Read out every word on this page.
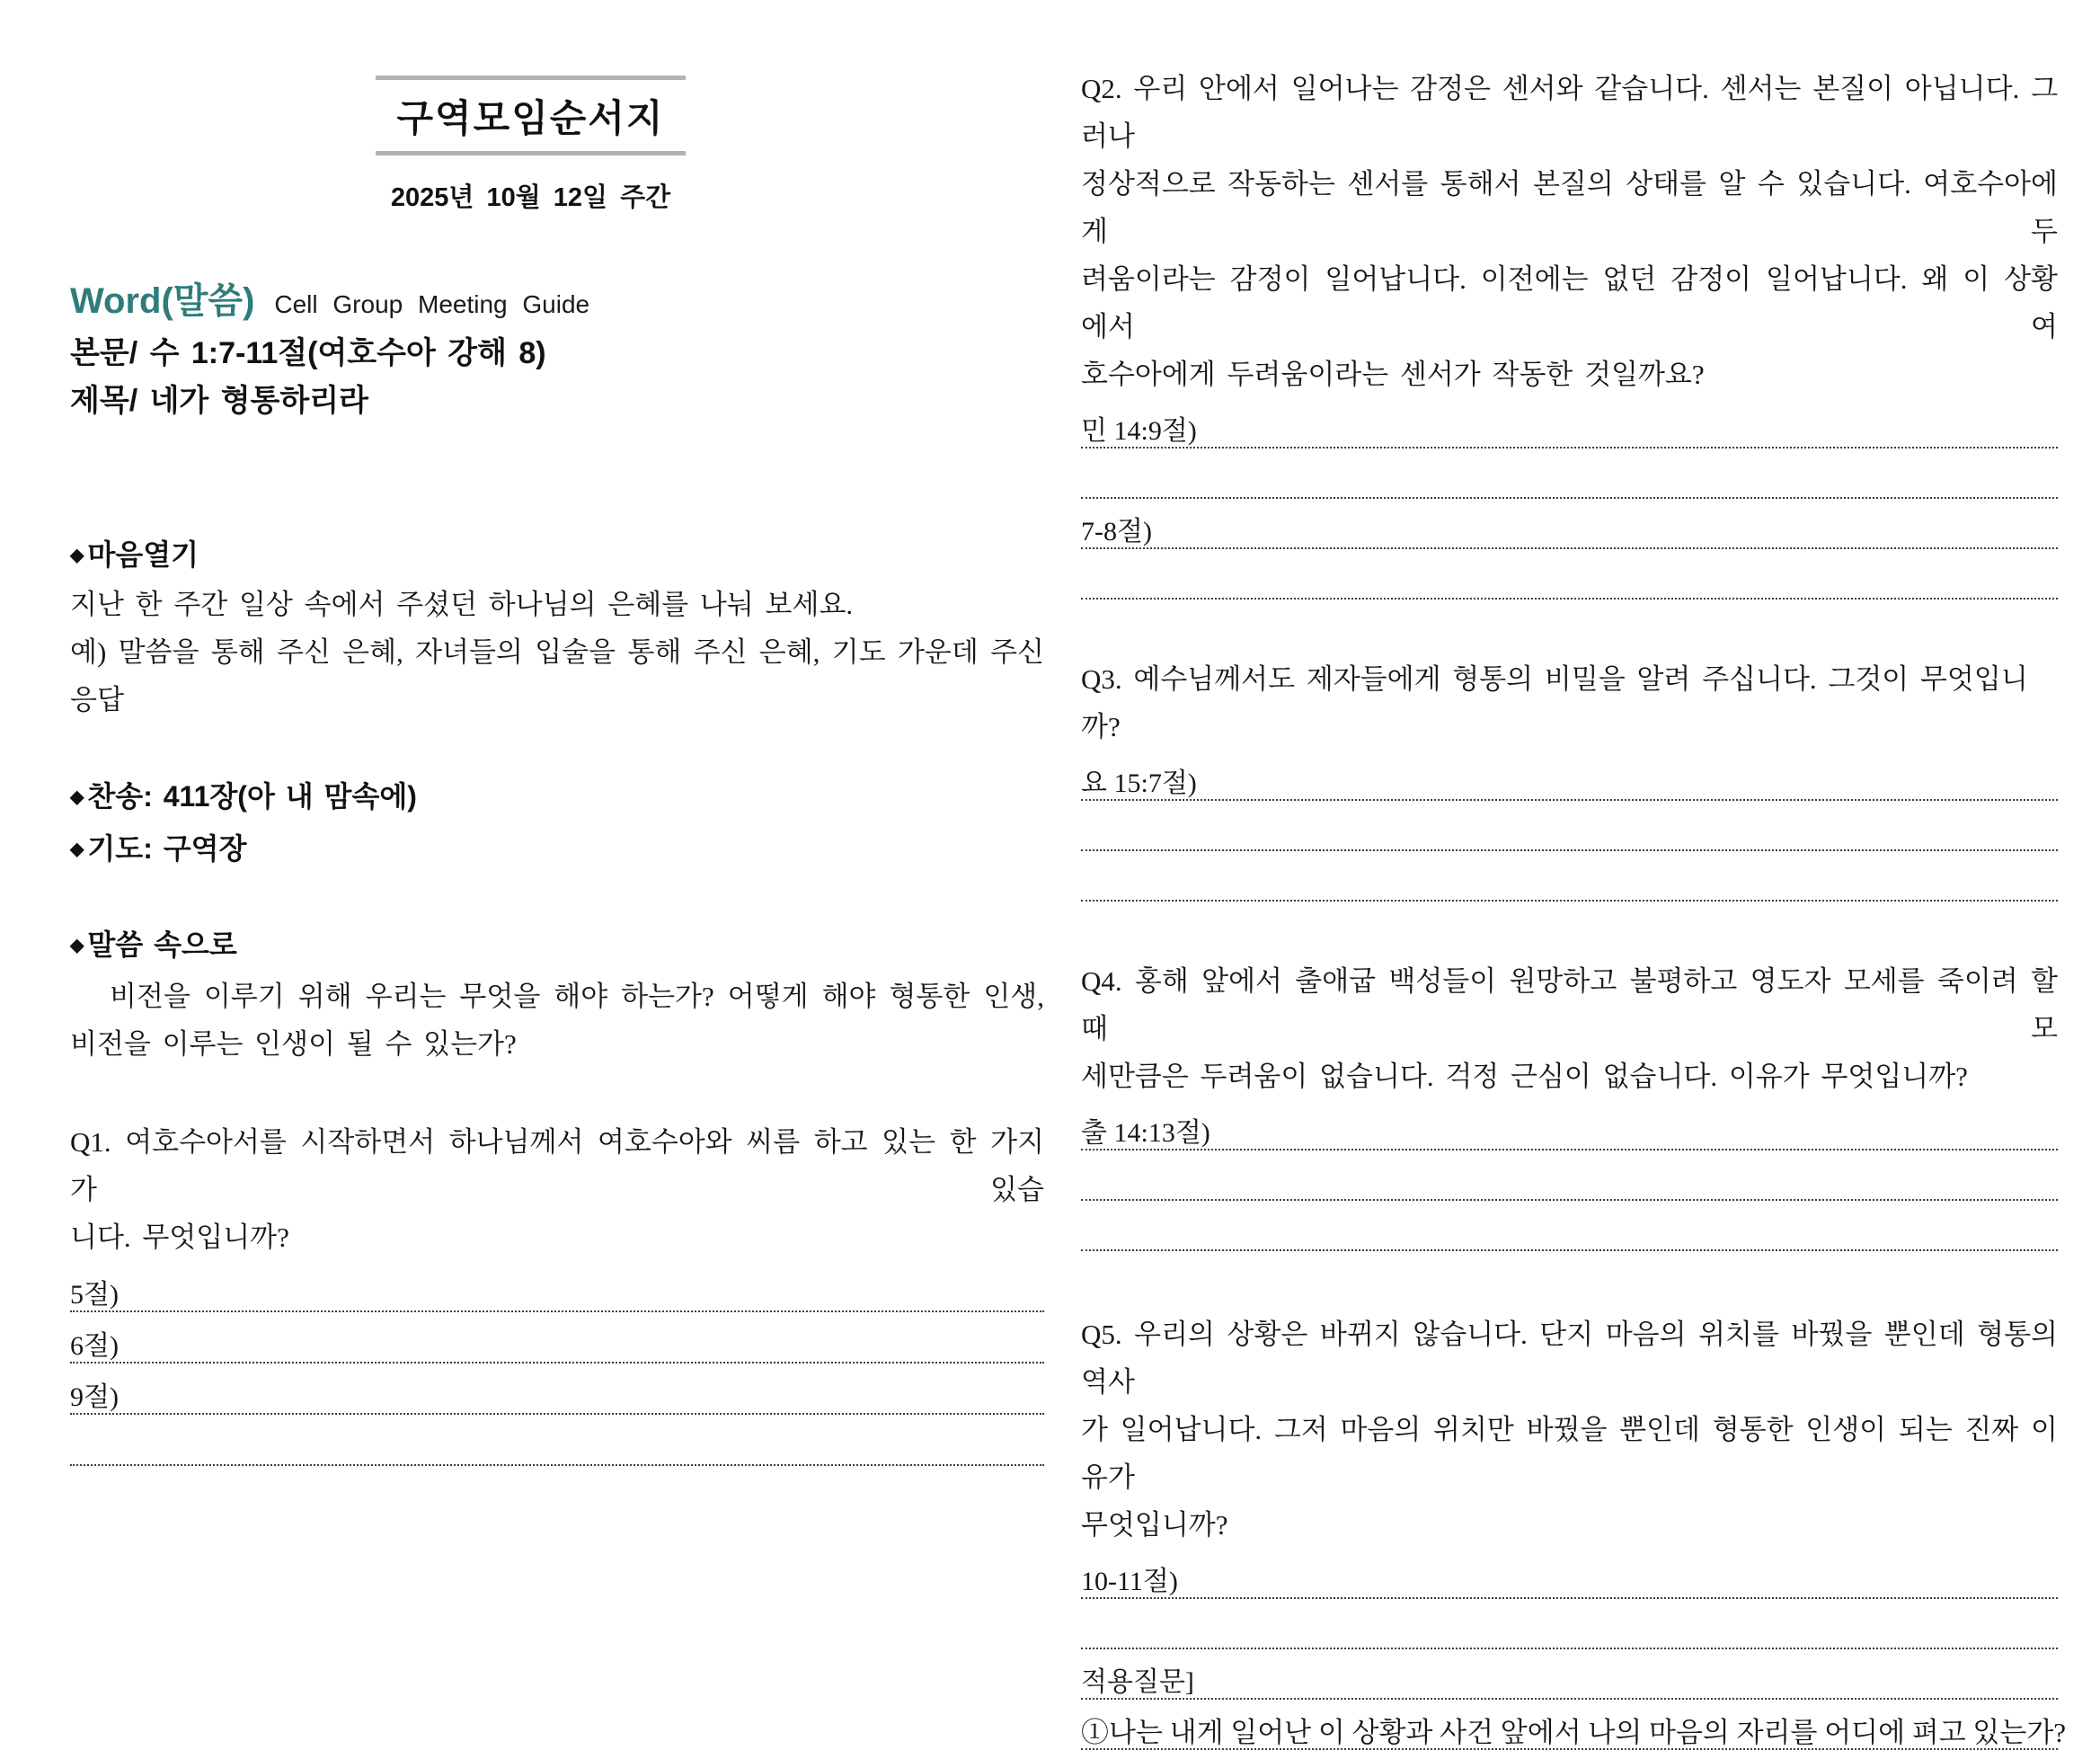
구역모임순서지
2025년 10월 12일 주간
Word(말씀) Cell Group Meeting Guide
본문/ 수 1:7-11절(여호수아 강해 8)
제목/ 네가 형통하리라
◆ 마음열기
지난 한 주간 일상 속에서 주셨던 하나님의 은혜를 나눠 보세요.
예) 말씀을 통해 주신 은혜, 자녀들의 입술을 통해 주신 은혜, 기도 가운데 주신
응답
◆ 찬송: 411장(아 내 맘속에)
◆ 기도: 구역장
◆ 말씀 속으로
비전을 이루기 위해 우리는 무엇을 해야 하는가? 어떻게 해야 형통한 인생,
비전을 이루는 인생이 될 수 있는가?
Q1. 여호수아서를 시작하면서 하나님께서 여호수아와 씨름 하고 있는 한 가지가 있습
니다. 무엇입니까?
5절)
6절)
9절)
Q2. 우리 안에서 일어나는 감정은 센서와 같습니다. 센서는 본질이 아닙니다. 그러나
정상적으로 작동하는 센서를 통해서 본질의 상태를 알 수 있습니다. 여호수아에게 두
려움이라는 감정이 일어납니다. 이전에는 없던 감정이 일어납니다. 왜 이 상황에서 여
호수아에게 두려움이라는 센서가 작동한 것일까요?
민 14:9절)
7-8절)
Q3. 예수님께서도 제자들에게 형통의 비밀을 알려 주십니다. 그것이 무엇입니까?
요 15:7절)
Q4. 홍해 앞에서 출애굽 백성들이 원망하고 불평하고 영도자 모세를 죽이려 할 때 모
세만큼은 두려움이 없습니다. 걱정 근심이 없습니다. 이유가 무엇입니까?
출 14:13절)
Q5. 우리의 상황은 바뀌지 않습니다. 단지 마음의 위치를 바꿨을 뿐인데 형통의 역사
가 일어납니다. 그저 마음의 위치만 바꿨을 뿐인데 형통한 인생이 되는 진짜 이유가
무엇입니까?
10-11절)
적용질문]
①나는 내게 일어난 이 상황과 사건 앞에서 나의 마음의 자리를 어디에 펴고 있는가?
